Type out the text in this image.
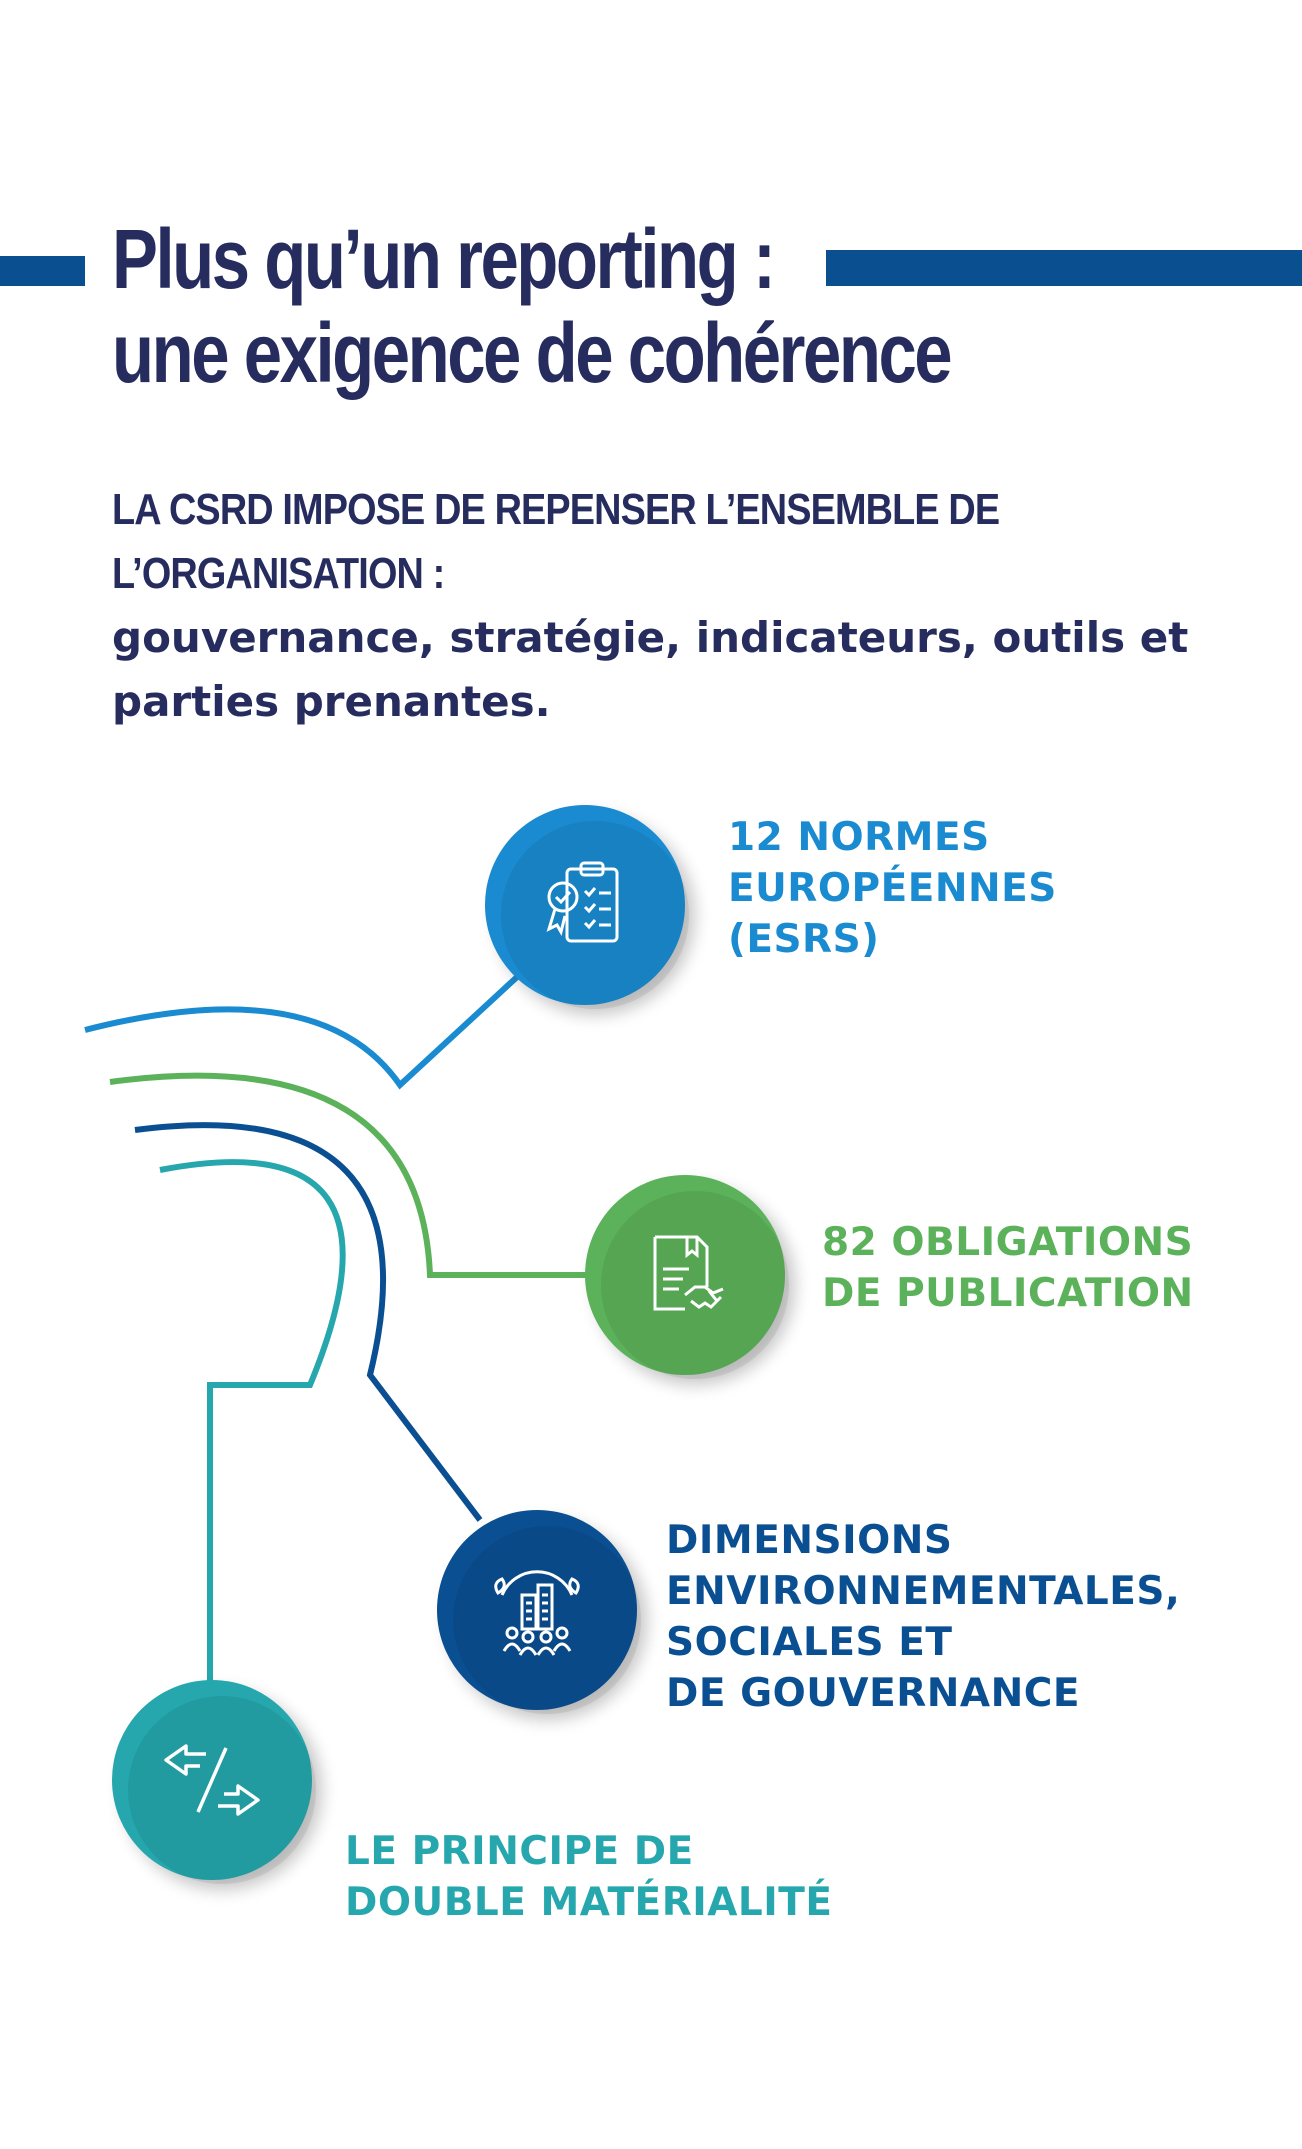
Plus qu’un reporting :
une exigence de cohérence

LA CSRD IMPOSE DE REPENSER L’ENSEMBLE DE L’ORGANISATION : gouvernance, stratégie, indicateurs, outils et parties prenantes.

12 NORMES
EUROPÉENNES
(ESRS)

82 OBLIGATIONS
DE PUBLICATION

DIMENSIONS
ENVIRONNEMENTALES,
SOCIALES ET
DE GOUVERNANCE

LE PRINCIPE DE
DOUBLE MATÉRIALITÉ
